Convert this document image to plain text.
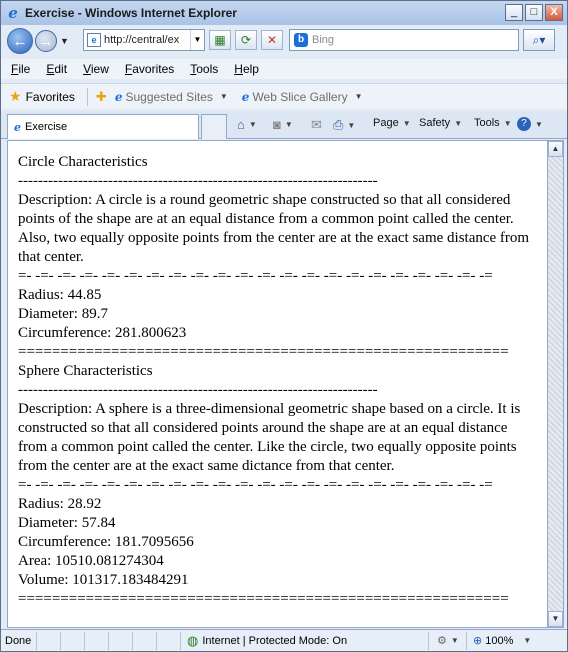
e Exercise - Windows Internet Explorer	_	□	X
← → ▼	e http://central/ex	▼	▦	⟳	✕	b Bing	⌕▾
File Edit View Favorites Tools Help
★ Favorites ✚ e Suggested Sites ▼ e Web Slice Gallery ▼
e Exercise	⌂ ▼ ◙ ▼ ✉ ⎙ ▼ Page ▼ Safety ▼ Tools ▼ ?	▼

Circle Characteristics

------------------------------------------------------------------------

Description: A circle is a round geometric shape constructed so that all considered points of the shape are at an equal distance from a common point called the center. Also, two equally opposite points from the center are at the exact same distance from that center.

=- -=- -=- -=- -=- -=- -=- -=- -=- -=- -=- -=- -=- -=- -=- -=- -=- -=- -=- -=- -=- -=

Radius: 44.85

Diameter: 89.7

Circumference: 281.800623

==========================================================

Sphere Characteristics

------------------------------------------------------------------------

Description: A sphere is a three-dimensional geometric shape based on a circle. It is constructed so that all considered points around the shape are at an equal distance from a common point called the center. Like the circle, two equally opposite points from the center are at the exact same dictance from that center.

=- -=- -=- -=- -=- -=- -=- -=- -=- -=- -=- -=- -=- -=- -=- -=- -=- -=- -=- -=- -=- -=

Radius: 28.92

Diameter: 57.84

Circumference: 181.7095656

Area: 10510.081274304

Volume: 101317.183484291

==========================================================

▲
▼
Done	◍ Internet | Protected Mode: On	⚙ ▼ ⊕ 100% ▼
